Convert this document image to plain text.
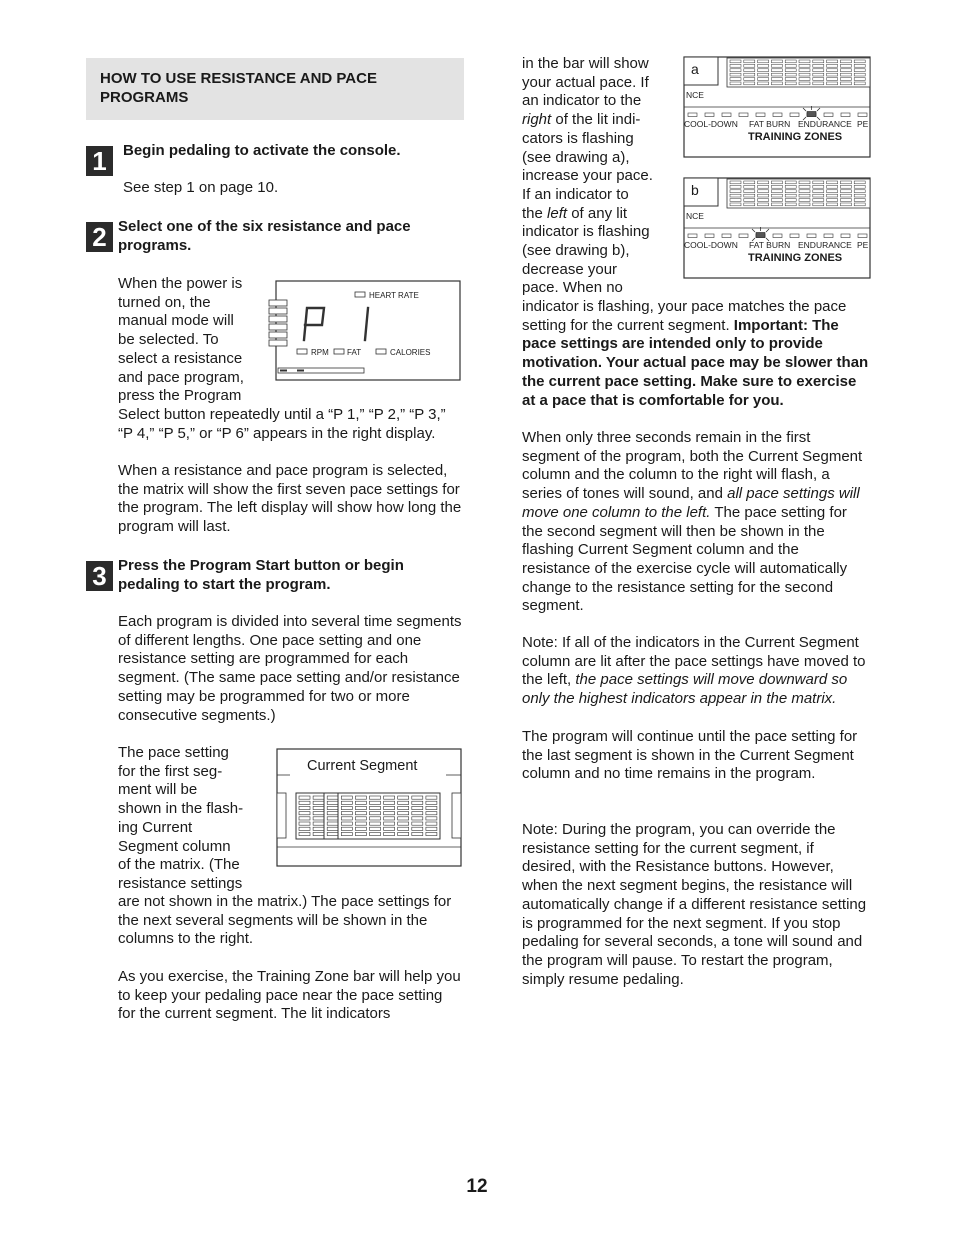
HOW TO USE RESISTANCE AND PACE PROGRAMS
1	Begin pedaling to activate the console.

See step 1 on page 10.

2 Select one of the six resistance and pace programs.

When the power is
turned on, the
manual mode will
be selected. To
select a resistance
and pace program,
press the Program

Select button repeatedly until a “P 1,” “P 2,” “P 3,” “P 4,” “P 5,” or “P 6” appears in the right display.

When a resistance and pace program is selected, the matrix will show the first seven pace settings for the program. The left display will show how long the program will last.

HEART RATE
P 1
RPM FAT	CALORIES
3 Press the Program Start button or begin pedaling to start the program.

Each program is divided into several time segments of different lengths. One pace setting and one resistance setting are programmed for each segment. (The same pace setting and/or resistance setting may be programmed for two or more consecutive segments.)

The pace setting
for the first seg-
ment will be
shown in the flash-
ing Current
Segment column
of the matrix. (The
resistance settings

are not shown in the matrix.) The pace settings for the next several segments will be shown in the columns to the right.

As you exercise, the Training Zone bar will help you to keep your pedaling pace near the pace setting for the current segment. The lit indicators

Current Segment
a
NCE
COOL-DOWN FAT BURN ENDURANCE PE
TRAINING ZONES
b
NCE
COOL-DOWN FAT BURN ENDURANCE PE
TRAINING ZONES
in the bar will show
your actual pace. If
an indicator to the
right of the lit indi-
cators is flashing
(see drawing a),
increase your pace.
If an indicator to
the left of any lit
indicator is flashing
(see drawing b),
decrease your
pace. When no

indicator is flashing, your pace matches the pace setting for the current segment. Important: The pace settings are intended only to provide motivation. Your actual pace may be slower than the current pace setting. Make sure to exercise at a pace that is comfortable for you.

When only three seconds remain in the first segment of the program, both the Current Segment column and the column to the right will flash, a series of tones will sound, and all pace settings will move one column to the left. The pace setting for the second segment will then be shown in the flashing Current Segment column and the resistance of the exercise cycle will automatically change to the resistance setting for the second segment.

Note: If all of the indicators in the Current Segment column are lit after the pace settings have moved to the left, the pace settings will move downward so only the highest indicators appear in the matrix.

The program will continue until the pace setting for the last segment is shown in the Current Segment column and no time remains in the program.

Note: During the program, you can override the resistance setting for the current segment, if desired, with the Resistance buttons. However, when the next segment begins, the resistance will automatically change if a different resistance setting is programmed for the next segment. If you stop pedaling for several seconds, a tone will sound and the program will pause. To restart the program, simply resume pedaling.

12
